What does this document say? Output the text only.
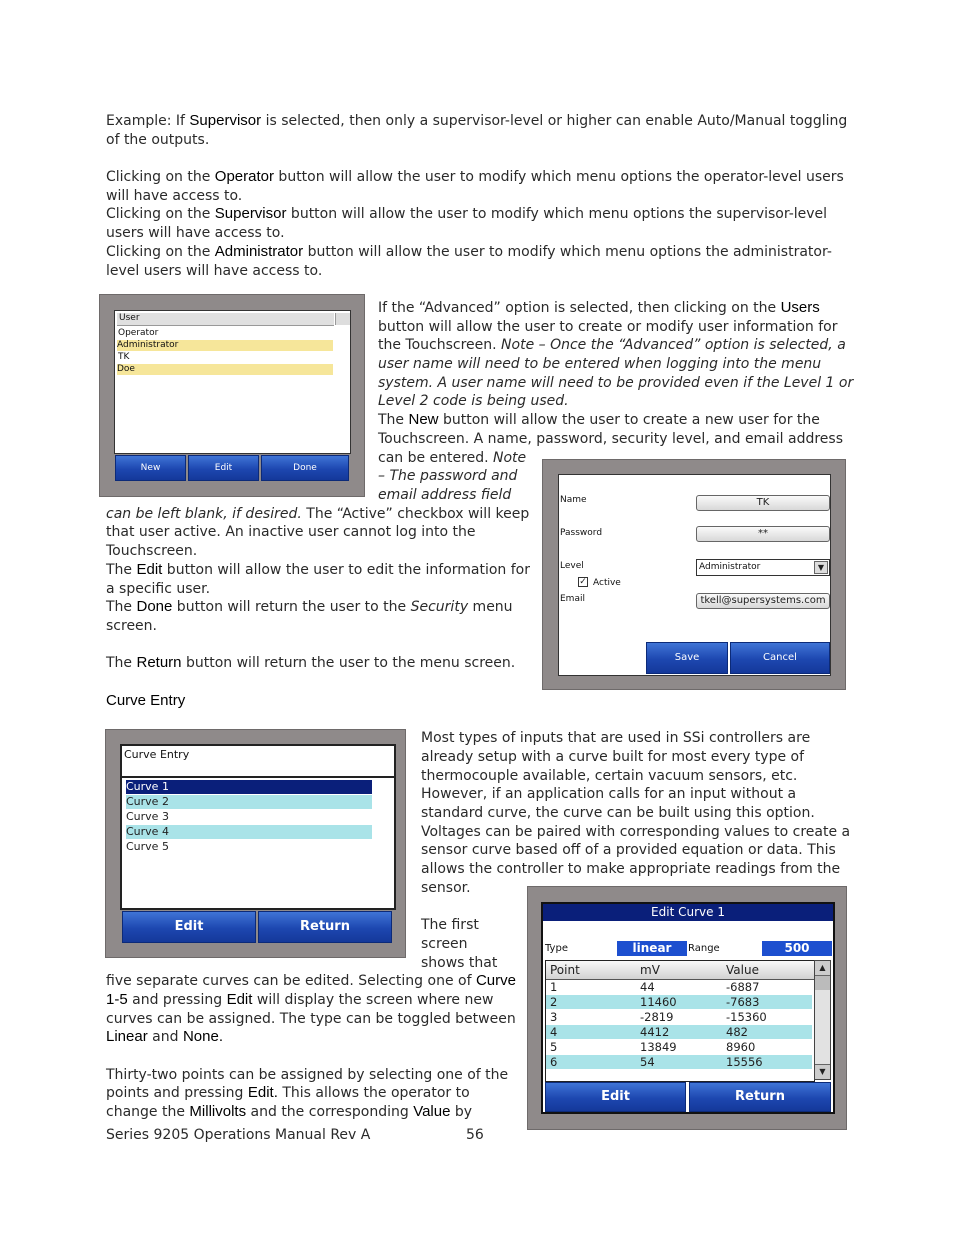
Example: If Supervisor is selected, then only a supervisor-level or higher can enable Auto/Manual toggling
of the outputs.
Clicking on the Operator button will allow the user to modify which menu options the operator-level users
will have access to.
Clicking on the Supervisor button will allow the user to modify which menu options the supervisor-level
users will have access to.
Clicking on the Administrator button will allow the user to modify which menu options the administrator-
level users will have access to.
User
Operator
Administrator
TK
Doe
New	Edit	Done
If the “Advanced” option is selected, then clicking on the Users
button will allow the user to create or modify user information for
the Touchscreen. Note – Once the “Advanced” option is selected, a
user name will need to be entered when logging into the menu
system. A user name will need to be provided even if the Level 1 or
Level 2 code is being used.
The New button will allow the user to create a new user for the
Touchscreen. A name, password, security level, and email address
can be entered. Note
– The password and
email address field
can be left blank, if desired. The “Active” checkbox will keep
that user active. An inactive user cannot log into the
Touchscreen.
The Edit button will allow the user to edit the information for
a specific user.
The Done button will return the user to the Security menu
screen.
The Return button will return the user to the menu screen.
Name	TK
Password	**
Level	Administrator	▼
✓ Active
Email	tkell@supersystems.com
Save	Cancel
Curve Entry
Curve Entry
Curve 1
Curve 2
Curve 3
Curve 4
Curve 5
Edit	Return
Most types of inputs that are used in SSi controllers are
already setup with a curve built for most every type of
thermocouple available, certain vacuum sensors, etc.
However, if an application calls for an input without a
standard curve, the curve can be built using this option.
Voltages can be paired with corresponding values to create a
sensor curve based off of a provided equation or data. This
allows the controller to make appropriate readings from the
sensor.
The first
screen
shows that
five separate curves can be edited. Selecting one of Curve
1-5 and pressing Edit will display the screen where new
curves can be assigned. The type can be toggled between
Linear and None.
Thirty-two points can be assigned by selecting one of the
points and pressing Edit. This allows the operator to
change the Millivolts and the corresponding Value by
Edit Curve 1
Type	linear	Range	500
Point	mV	Value
1	44	-6887
2	11460	-7683
3	-2819	-15360
4	4412	482
5	13849	8960
6	54	15556
▲
▼
Edit	Return
Series 9205 Operations Manual Rev A	56
